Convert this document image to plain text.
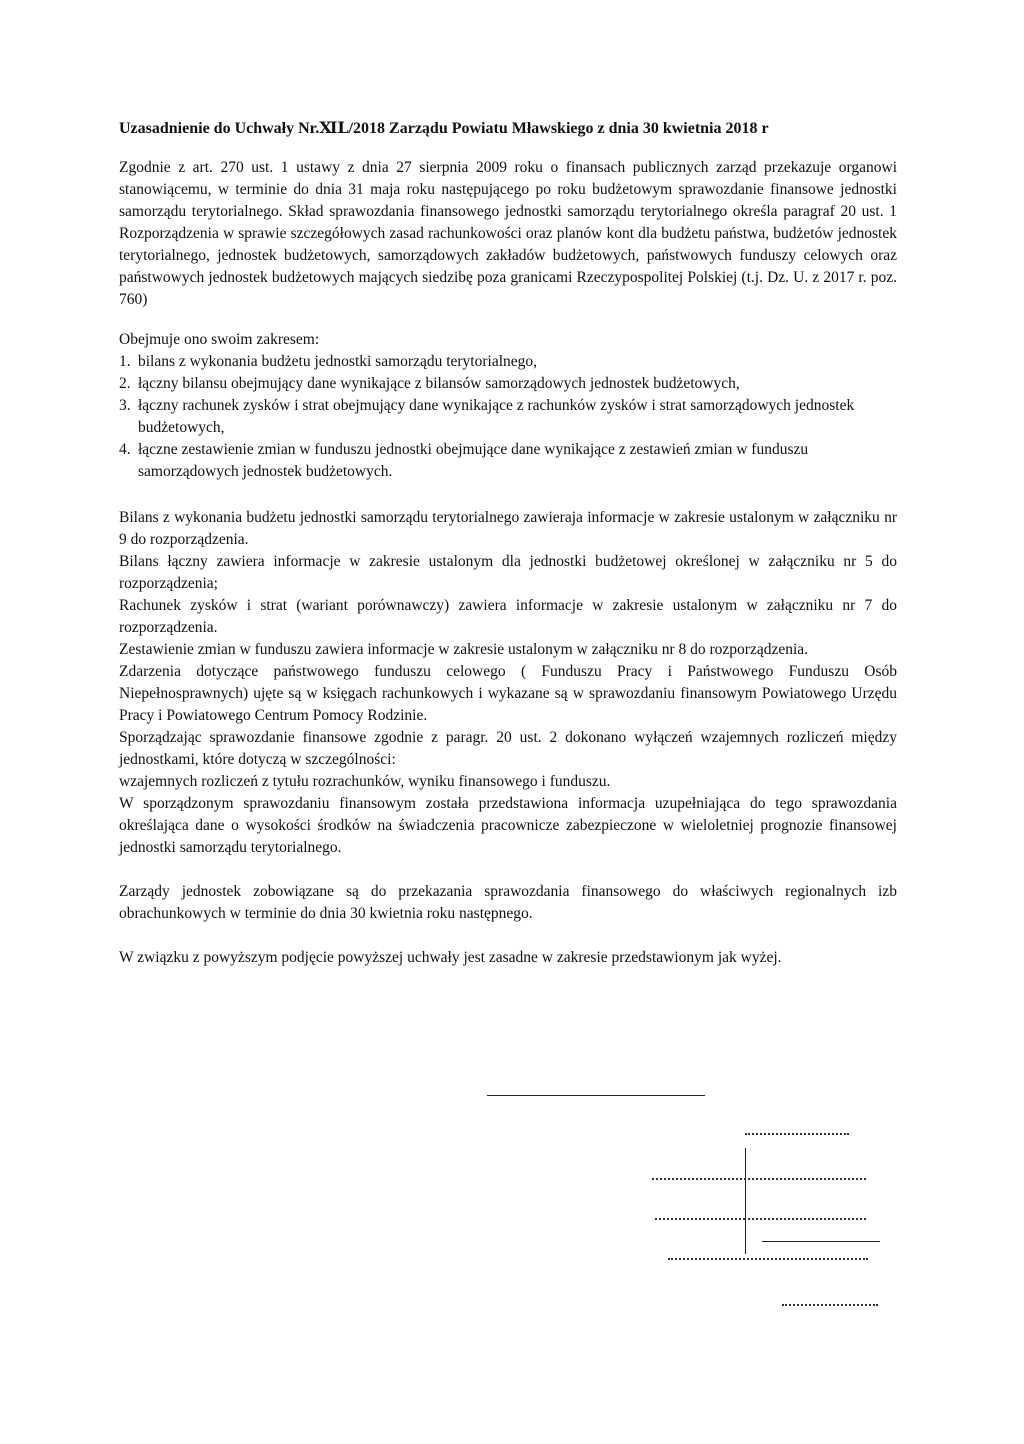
Uzasadnienie do Uchwały Nr.ⅪⅬ/2018 Zarządu Powiatu Mławskiego z dnia 30 kwietnia 2018 r

Zgodnie z art. 270 ust. 1 ustawy z dnia 27 sierpnia 2009 roku o finansach publicznych zarząd przekazuje organowi stanowiącemu, w terminie do dnia 31 maja roku następującego po roku budżetowym sprawozdanie finansowe jednostki samorządu terytorialnego. Skład sprawozdania finansowego jednostki samorządu terytorialnego określa paragraf 20 ust. 1 Rozporządzenia w sprawie szczegółowych zasad rachunkowości oraz planów kont dla budżetu państwa, budżetów jednostek terytorialnego, jednostek budżetowych, samorządowych zakładów budżetowych, państwowych funduszy celowych oraz państwowych jednostek budżetowych mających siedzibę poza granicami Rzeczypospolitej Polskiej (t.j. Dz. U. z 2017 r. poz. 760)

Obejmuje ono swoim zakresem:

1. bilans z wykonania budżetu jednostki samorządu terytorialnego,
2. łączny bilansu obejmujący dane wynikające z bilansów samorządowych jednostek budżetowych,
3. łączny rachunek zysków i strat obejmujący dane wynikające z rachunków zysków i strat samorządowych jednostek budżetowych,
4. łączne zestawienie zmian w funduszu jednostki obejmujące dane wynikające z zestawień zmian w funduszu samorządowych jednostek budżetowych.

Bilans z wykonania budżetu jednostki samorządu terytorialnego zawieraja informacje w zakresie ustalonym w załączniku nr 9 do rozporządzenia.

Bilans łączny zawiera informacje w zakresie ustalonym dla jednostki budżetowej określonej w załączniku nr 5 do rozporządzenia;

Rachunek zysków i strat (wariant porównawczy) zawiera informacje w zakresie ustalonym w załączniku nr 7 do rozporządzenia.

Zestawienie zmian w funduszu zawiera informacje w zakresie ustalonym w załączniku nr 8 do rozporządzenia.

Zdarzenia dotyczące państwowego funduszu celowego ( Funduszu Pracy i Państwowego Funduszu Osób Niepełnosprawnych) ujęte są w księgach rachunkowych i wykazane są w sprawozdaniu finansowym Powiatowego Urzędu Pracy i Powiatowego Centrum Pomocy Rodzinie.

Sporządzając sprawozdanie finansowe zgodnie z paragr. 20 ust. 2 dokonano wyłączeń wzajemnych rozliczeń między jednostkami, które dotyczą w szczególności:

wzajemnych rozliczeń z tytułu rozrachunków, wyniku finansowego i funduszu.

W sporządzonym sprawozdaniu finansowym została przedstawiona informacja uzupełniająca do tego sprawozdania określająca dane o wysokości środków na świadczenia pracownicze zabezpieczone w wieloletniej prognozie finansowej jednostki samorządu terytorialnego.

Zarządy jednostek zobowiązane są do przekazania sprawozdania finansowego do właściwych regionalnych izb obrachunkowych w terminie do dnia 30 kwietnia roku następnego.

W związku z powyższym podjęcie powyższej uchwały jest zasadne w zakresie przedstawionym jak wyżej.
